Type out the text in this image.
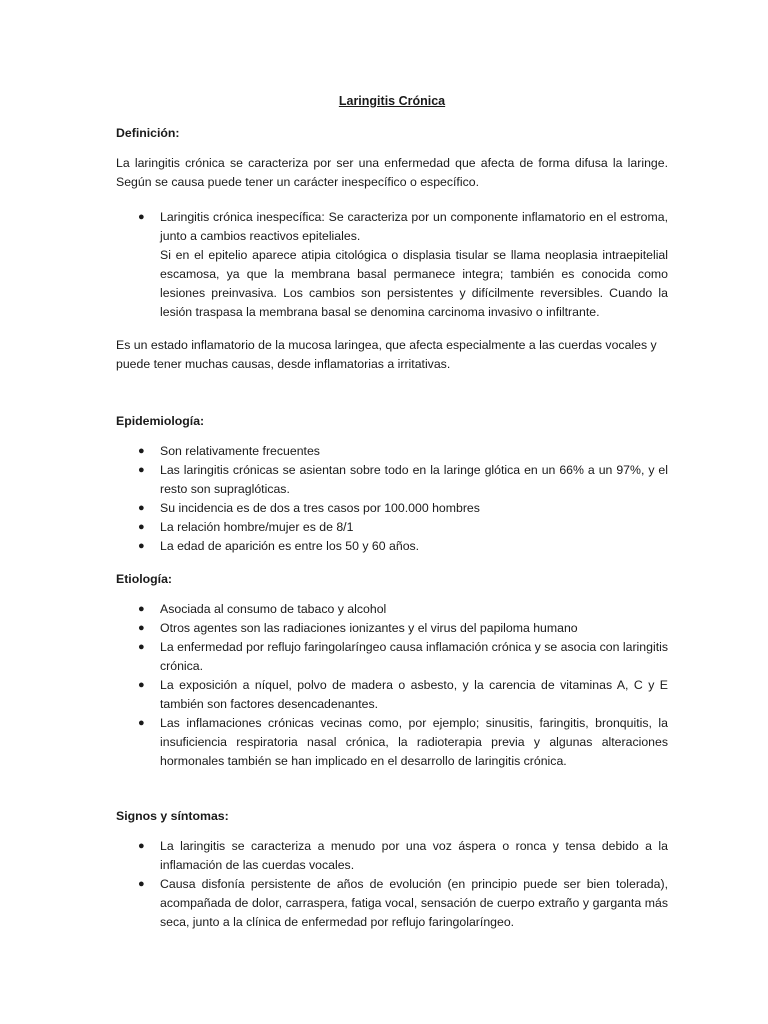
Laringitis Crónica
Definición:

La laringitis crónica se caracteriza por ser una enfermedad que afecta de forma difusa la laringe. Según se causa puede tener un carácter inespecífico o específico.

● Laringitis crónica inespecífica: Se caracteriza por un componente inflamatorio en el estroma, junto a cambios reactivos epiteliales.
Si en el epitelio aparece atipia citológica o displasia tisular se llama neoplasia intraepitelial escamosa, ya que la membrana basal permanece integra; también es conocida como lesiones preinvasiva. Los cambios son persistentes y difícilmente reversibles. Cuando la lesión traspasa la membrana basal se denomina carcinoma invasivo o infiltrante.

Es un estado inflamatorio de la mucosa laringea, que afecta especialmente a las cuerdas vocales y puede tener muchas causas, desde inflamatorias a irritativas.

Epidemiología:
● Son relativamente frecuentes
● Las laringitis crónicas se asientan sobre todo en la laringe glótica en un 66% a un 97%, y el resto son supraglóticas.
● Su incidencia es de dos a tres casos por 100.000 hombres
● La relación hombre/mujer es de 8/1
● La edad de aparición es entre los 50 y 60 años.
Etiología:
● Asociada al consumo de tabaco y alcohol
● Otros agentes son las radiaciones ionizantes y el virus del papiloma humano
● La enfermedad por reflujo faringolaríngeo causa inflamación crónica y se asocia con laringitis crónica.
● La exposición a níquel, polvo de madera o asbesto, y la carencia de vitaminas A, C y E también son factores desencadenantes.
● Las inflamaciones crónicas vecinas como, por ejemplo; sinusitis, faringitis, bronquitis, la insuficiencia respiratoria nasal crónica, la radioterapia previa y algunas alteraciones hormonales también se han implicado en el desarrollo de laringitis crónica.
Signos y síntomas:
● La laringitis se caracteriza a menudo por una voz áspera o ronca y tensa debido a la inflamación de las cuerdas vocales.
● Causa disfonía persistente de años de evolución (en principio puede ser bien tolerada), acompañada de dolor, carraspera, fatiga vocal, sensación de cuerpo extraño y garganta más seca, junto a la clínica de enfermedad por reflujo faringolaríngeo.
